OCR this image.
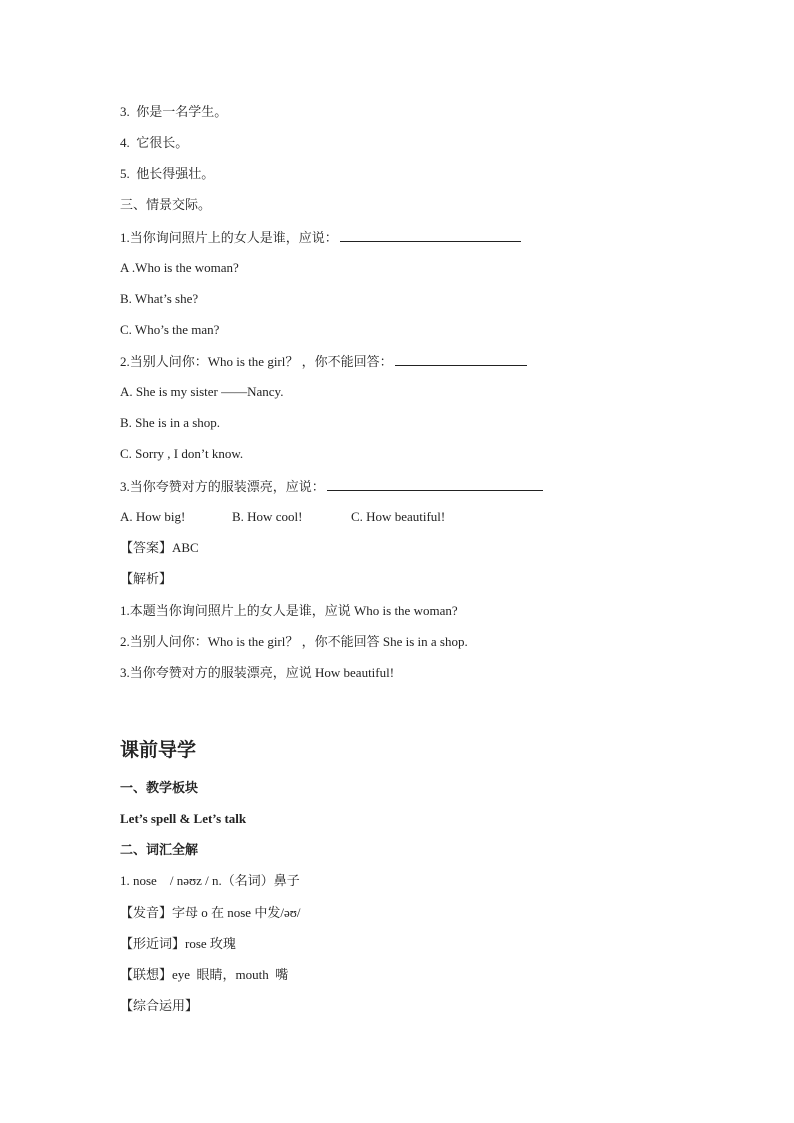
3.  你是一名学生。
4.  它很长。
5.  他长得强壮。
三、情景交际。
1.当你询问照片上的女人是谁，应说：
A .Who is the woman?
B. What’s she?
C. Who’s the man?
2.当别人问你：Who is the girl？ ，你不能回答：
A. She is my sister ——Nancy.
B. She is in a shop.
C. Sorry , I don’t know.
3.当你夸赞对方的服装漂亮，应说：
A. How big!	B. How cool!	C. How beautiful!
【答案】ABC
【解析】
1.本题当你询问照片上的女人是谁，应说 Who is the woman?
2.当别人问你：Who is the girl？ ，你不能回答 She is in a shop.
3.当你夸赞对方的服装漂亮，应说 How beautiful!
课前导学
一、教学板块
Let’s spell & Let’s talk
二、词汇全解
1. nose    / nəʊz / n.（名词）鼻子
【发音】字母 o 在 nose 中发/əʊ/
【形近词】rose 玫瑰
【联想】eye  眼睛，mouth  嘴
【综合运用】
